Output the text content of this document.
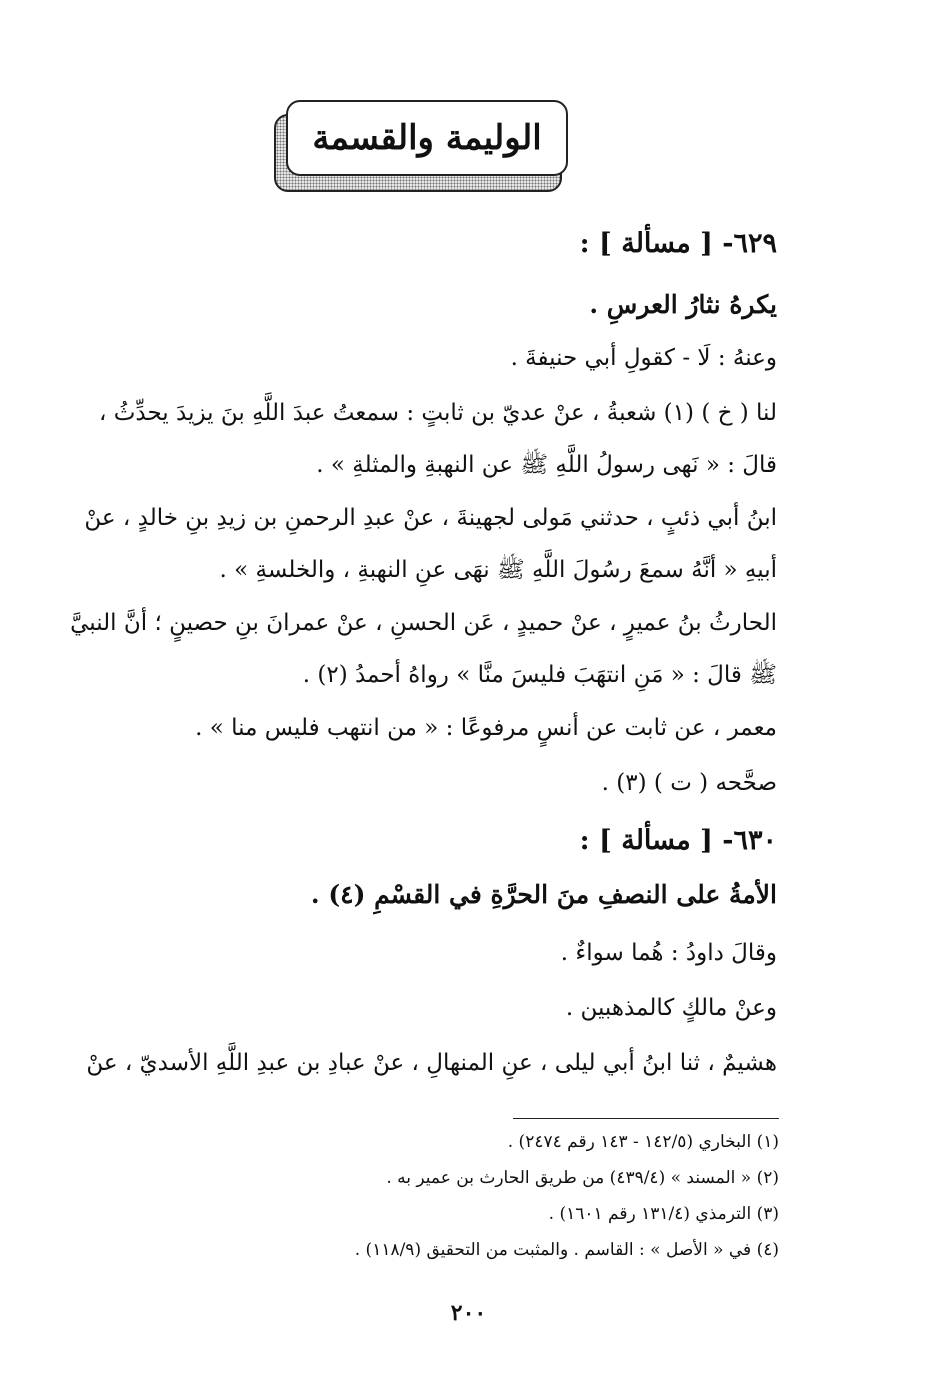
الوليمة والقسمة
٦٢٩- [ مسألة ] :
يكرهُ نثارُ العرسِ .
وعنهُ : لَا - كقولِ أبي حنيفةَ .
لنا ( خ ) (١) شعبةُ ، عنْ عديّ بن ثابتٍ : سمعتُ عبدَ اللَّهِ بنَ يزيدَ يحدِّثُ ،
قالَ : « نَهى رسولُ اللَّهِ ﷺ عن النهبةِ والمثلةِ » .
ابنُ أبي ذئبٍ ، حدثني مَولى لجهينةَ ، عنْ عبدِ الرحمنِ بن زيدِ بنِ خالدٍ ، عنْ
أبيهِ « أنَّهُ سمعَ رسُولَ اللَّهِ ﷺ نهَى عنِ النهبةِ ، والخلسةِ » .
الحارثُ بنُ عميرٍ ، عنْ حميدٍ ، عَن الحسنِ ، عنْ عمرانَ بنِ حصينٍ ؛ أنَّ النبيَّ
ﷺ قالَ : « مَنِ انتهَبَ فليسَ منَّا » رواهُ أحمدُ (٢) .
معمر ، عن ثابت عن أنسٍ مرفوعًا : « من انتهب فليس منا » .
صحَّحه ( ت ) (٣) .
٦٣٠- [ مسألة ] :
الأمةُ على النصفِ منَ الحرَّةِ في القسْمِ (٤) .
وقالَ داودُ : هُما سواءٌ .
وعنْ مالكٍ كالمذهبين .
هشيمٌ ، ثنا ابنُ أبي ليلى ، عنِ المنهالِ ، عنْ عبادِ بن عبدِ اللَّهِ الأسديّ ، عنْ
(١) البخاري (١٤٢/٥ - ١٤٣ رقم ٢٤٧٤) .
(٢) « المسند » (٤٣٩/٤) من طريق الحارث بن عمير به .
(٣) الترمذي (١٣١/٤ رقم ١٦٠١) .
(٤) في « الأصل » : القاسم . والمثبت من التحقيق (١١٨/٩) .
٢٠٠
